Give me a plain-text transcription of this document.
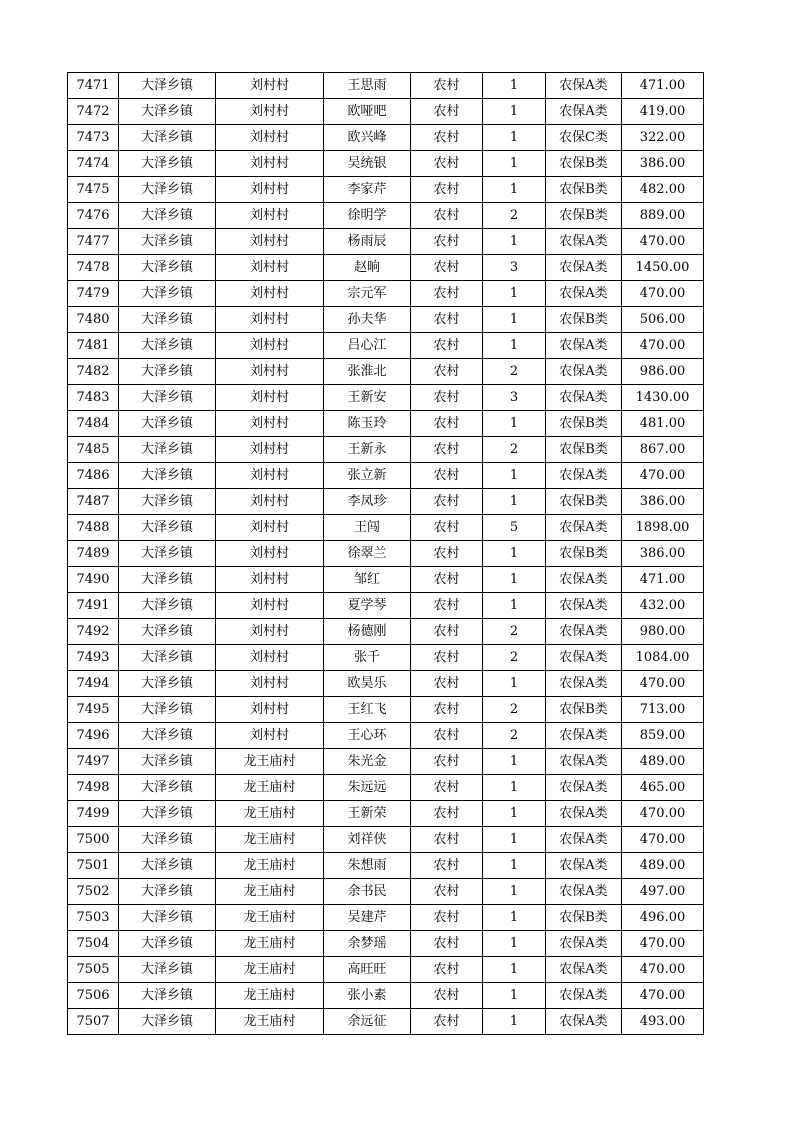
7471	大泽乡镇	刘村村	王思雨	农村	1	农保A类	471.00
7472	大泽乡镇	刘村村	欧哑吧	农村	1	农保A类	419.00
7473	大泽乡镇	刘村村	欧兴峰	农村	1	农保C类	322.00
7474	大泽乡镇	刘村村	吴统银	农村	1	农保B类	386.00
7475	大泽乡镇	刘村村	李家芹	农村	1	农保B类	482.00
7476	大泽乡镇	刘村村	徐明学	农村	2	农保B类	889.00
7477	大泽乡镇	刘村村	杨雨辰	农村	1	农保A类	470.00
7478	大泽乡镇	刘村村	赵晌	农村	3	农保A类	1450.00
7479	大泽乡镇	刘村村	宗元军	农村	1	农保A类	470.00
7480	大泽乡镇	刘村村	孙夫华	农村	1	农保B类	506.00
7481	大泽乡镇	刘村村	吕心江	农村	1	农保A类	470.00
7482	大泽乡镇	刘村村	张淮北	农村	2	农保A类	986.00
7483	大泽乡镇	刘村村	王新安	农村	3	农保A类	1430.00
7484	大泽乡镇	刘村村	陈玉玲	农村	1	农保B类	481.00
7485	大泽乡镇	刘村村	王新永	农村	2	农保B类	867.00
7486	大泽乡镇	刘村村	张立新	农村	1	农保A类	470.00
7487	大泽乡镇	刘村村	李凤珍	农村	1	农保B类	386.00
7488	大泽乡镇	刘村村	王闯	农村	5	农保A类	1898.00
7489	大泽乡镇	刘村村	徐翠兰	农村	1	农保B类	386.00
7490	大泽乡镇	刘村村	邹红	农村	1	农保A类	471.00
7491	大泽乡镇	刘村村	夏学琴	农村	1	农保A类	432.00
7492	大泽乡镇	刘村村	杨德刚	农村	2	农保A类	980.00
7493	大泽乡镇	刘村村	张千	农村	2	农保A类	1084.00
7494	大泽乡镇	刘村村	欧昊乐	农村	1	农保A类	470.00
7495	大泽乡镇	刘村村	王红飞	农村	2	农保B类	713.00
7496	大泽乡镇	刘村村	王心环	农村	2	农保A类	859.00
7497	大泽乡镇	龙王庙村	朱光金	农村	1	农保A类	489.00
7498	大泽乡镇	龙王庙村	朱远远	农村	1	农保A类	465.00
7499	大泽乡镇	龙王庙村	王新荣	农村	1	农保A类	470.00
7500	大泽乡镇	龙王庙村	刘祥侠	农村	1	农保A类	470.00
7501	大泽乡镇	龙王庙村	朱想雨	农村	1	农保A类	489.00
7502	大泽乡镇	龙王庙村	余书民	农村	1	农保A类	497.00
7503	大泽乡镇	龙王庙村	吴建芹	农村	1	农保B类	496.00
7504	大泽乡镇	龙王庙村	余梦瑶	农村	1	农保A类	470.00
7505	大泽乡镇	龙王庙村	高旺旺	农村	1	农保A类	470.00
7506	大泽乡镇	龙王庙村	张小素	农村	1	农保A类	470.00
7507	大泽乡镇	龙王庙村	余远征	农村	1	农保A类	493.00
